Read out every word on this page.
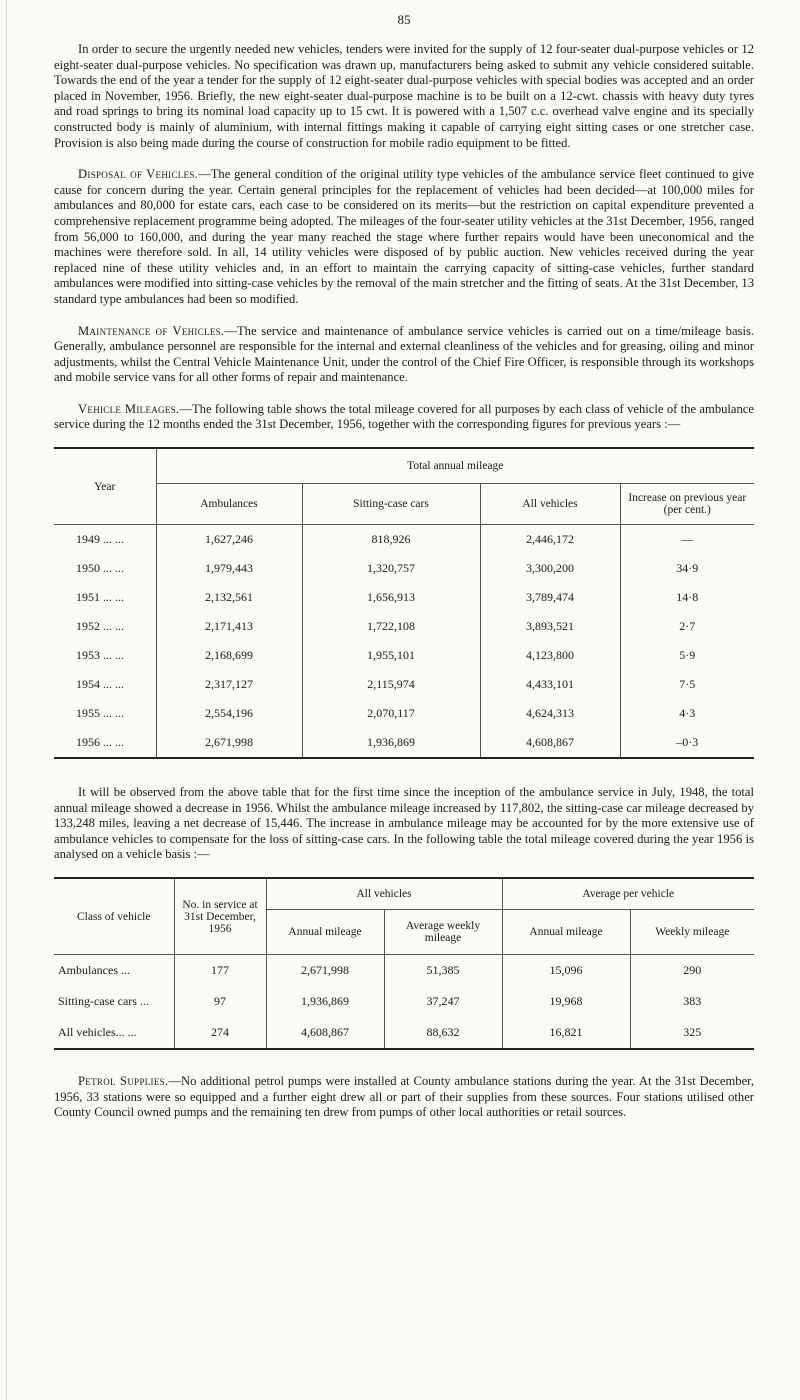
85

In order to secure the urgently needed new vehicles, tenders were invited for the supply of 12 four-seater dual-purpose vehicles or 12 eight-seater dual-purpose vehicles. No specification was drawn up, manufacturers being asked to submit any vehicle considered suitable. Towards the end of the year a tender for the supply of 12 eight-seater dual-purpose vehicles with special bodies was accepted and an order placed in November, 1956. Briefly, the new eight-seater dual-purpose machine is to be built on a 12-cwt. chassis with heavy duty tyres and road springs to bring its nominal load capacity up to 15 cwt. It is powered with a 1,507 c.c. overhead valve engine and its specially constructed body is mainly of aluminium, with internal fittings making it capable of carrying eight sitting cases or one stretcher case. Provision is also being made during the course of construction for mobile radio equipment to be fitted.

Disposal of Vehicles.—The general condition of the original utility type vehicles of the ambulance service fleet continued to give cause for concern during the year. Certain general principles for the replacement of vehicles had been decided—at 100,000 miles for ambulances and 80,000 for estate cars, each case to be considered on its merits—but the restriction on capital expenditure prevented a comprehensive replacement programme being adopted. The mileages of the four-seater utility vehicles at the 31st December, 1956, ranged from 56,000 to 160,000, and during the year many reached the stage where further repairs would have been uneconomical and the machines were therefore sold. In all, 14 utility vehicles were disposed of by public auction. New vehicles received during the year replaced nine of these utility vehicles and, in an effort to maintain the carrying capacity of sitting-case vehicles, further standard ambulances were modified into sitting-case vehicles by the removal of the main stretcher and the fitting of seats. At the 31st December, 13 standard type ambulances had been so modified.

Maintenance of Vehicles.—The service and maintenance of ambulance service vehicles is carried out on a time/mileage basis. Generally, ambulance personnel are responsible for the internal and external cleanliness of the vehicles and for greasing, oiling and minor adjustments, whilst the Central Vehicle Maintenance Unit, under the control of the Chief Fire Officer, is responsible through its workshops and mobile service vans for all other forms of repair and maintenance.

Vehicle Mileages.—The following table shows the total mileage covered for all purposes by each class of vehicle of the ambulance service during the 12 months ended the 31st December, 1956, together with the corresponding figures for previous years :—

Year	Total annual mileage			
	Ambulances	Sitting-case cars	All vehicles	Increase on previous year (per cent.)
1949 ... ...	1,627,246	818,926	2,446,172	—
1950 ... ...	1,979,443	1,320,757	3,300,200	34·9
1951 ... ...	2,132,561	1,656,913	3,789,474	14·8
1952 ... ...	2,171,413	1,722,108	3,893,521	2·7
1953 ... ...	2,168,699	1,955,101	4,123,800	5·9
1954 ... ...	2,317,127	2,115,974	4,433,101	7·5
1955 ... ...	2,554,196	2,070,117	4,624,313	4·3
1956 ... ...	2,671,998	1,936,869	4,608,867	–0·3

It will be observed from the above table that for the first time since the inception of the ambulance service in July, 1948, the total annual mileage showed a decrease in 1956. Whilst the ambulance mileage increased by 117,802, the sitting-case car mileage decreased by 133,248 miles, leaving a net decrease of 15,446. The increase in ambulance mileage may be accounted for by the more extensive use of ambulance vehicles to compensate for the loss of sitting-case cars. In the following table the total mileage covered during the year 1956 is analysed on a vehicle basis :—

Class of vehicle	No. in service at 31st December, 1956	All vehicles		Average per vehicle	
		Annual mileage	Average weekly mileage	Annual mileage	Weekly mileage
Ambulances ...	177	2,671,998	51,385	15,096	290
Sitting-case cars ...	97	1,936,869	37,247	19,968	383
All vehicles... ...	274	4,608,867	88,632	16,821	325

Petrol Supplies.—No additional petrol pumps were installed at County ambulance stations during the year. At the 31st December, 1956, 33 stations were so equipped and a further eight drew all or part of their supplies from these sources. Four stations utilised other County Council owned pumps and the remaining ten drew from pumps of other local authorities or retail sources.
